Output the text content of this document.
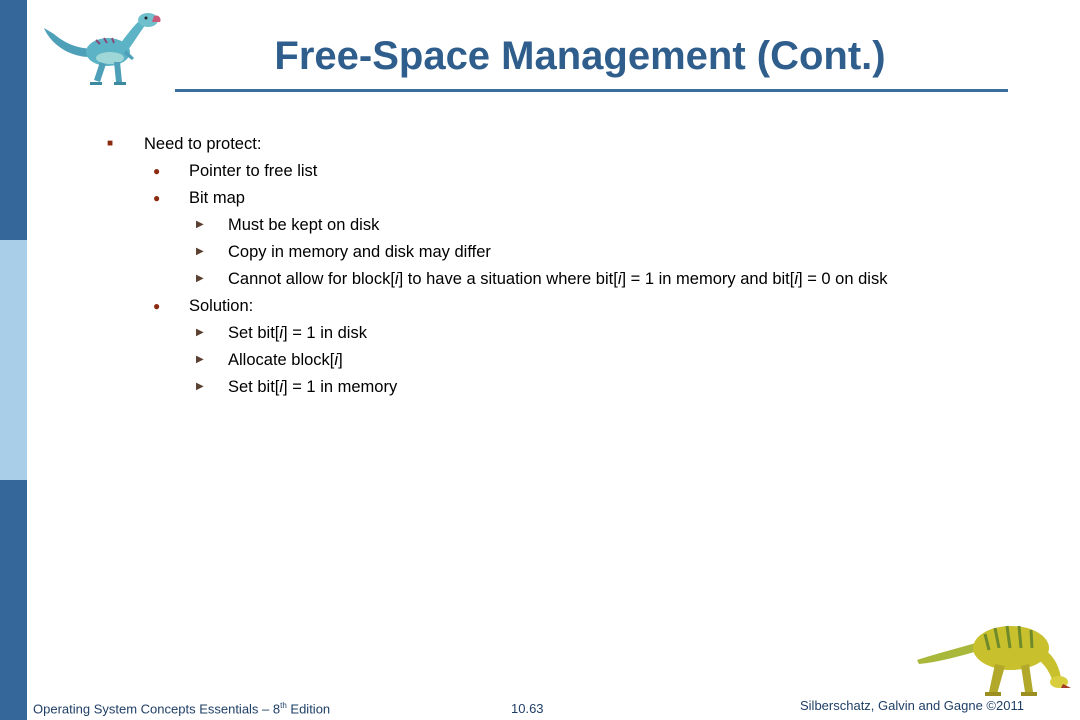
Free-Space Management (Cont.)
■ Need to protect:
● Pointer to free list
● Bit map
▶ Must be kept on disk
▶ Copy in memory and disk may differ
▶ Cannot allow for block[i] to have a situation where bit[i] = 1 in memory and bit[i] = 0 on disk
● Solution:
▶ Set bit[i] = 1 in disk
▶ Allocate block[i]
▶ Set bit[i] = 1 in memory
Operating System Concepts Essentials – 8th Edition	10.63	Silberschatz, Galvin and Gagne ©2011
